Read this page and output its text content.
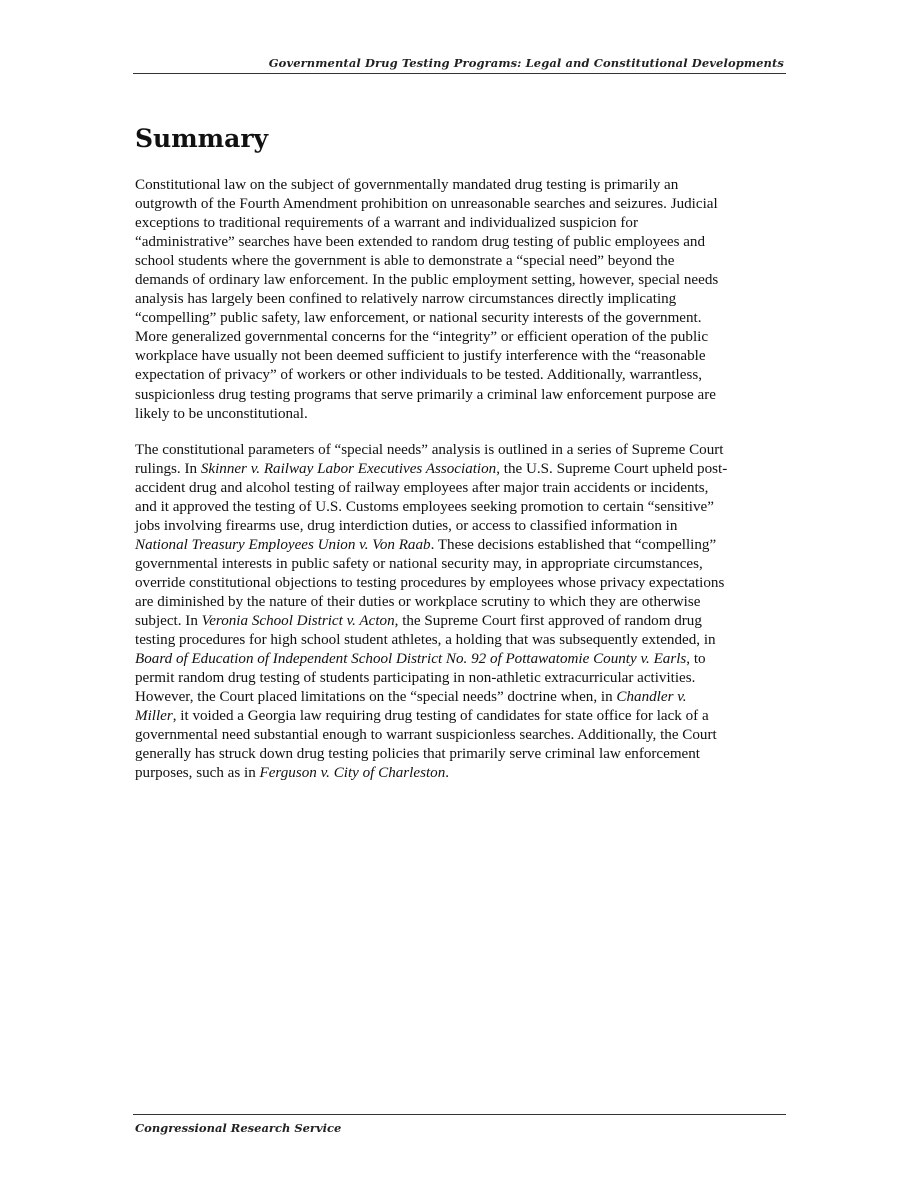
Governmental Drug Testing Programs: Legal and Constitutional Developments
Summary

Constitutional law on the subject of governmentally mandated drug testing is primarily an
outgrowth of the Fourth Amendment prohibition on unreasonable searches and seizures. Judicial
exceptions to traditional requirements of a warrant and individualized suspicion for
“administrative” searches have been extended to random drug testing of public employees and
school students where the government is able to demonstrate a “special need” beyond the
demands of ordinary law enforcement. In the public employment setting, however, special needs
analysis has largely been confined to relatively narrow circumstances directly implicating
“compelling” public safety, law enforcement, or national security interests of the government.
More generalized governmental concerns for the “integrity” or efficient operation of the public
workplace have usually not been deemed sufficient to justify interference with the “reasonable
expectation of privacy” of workers or other individuals to be tested. Additionally, warrantless,
suspicionless drug testing programs that serve primarily a criminal law enforcement purpose are
likely to be unconstitutional.

The constitutional parameters of “special needs” analysis is outlined in a series of Supreme Court
rulings. In Skinner v. Railway Labor Executives Association, the U.S. Supreme Court upheld post-
accident drug and alcohol testing of railway employees after major train accidents or incidents,
and it approved the testing of U.S. Customs employees seeking promotion to certain “sensitive”
jobs involving firearms use, drug interdiction duties, or access to classified information in
National Treasury Employees Union v. Von Raab. These decisions established that “compelling”
governmental interests in public safety or national security may, in appropriate circumstances,
override constitutional objections to testing procedures by employees whose privacy expectations
are diminished by the nature of their duties or workplace scrutiny to which they are otherwise
subject. In Veronia School District v. Acton, the Supreme Court first approved of random drug
testing procedures for high school student athletes, a holding that was subsequently extended, in
Board of Education of Independent School District No. 92 of Pottawatomie County v. Earls, to
permit random drug testing of students participating in non-athletic extracurricular activities.
However, the Court placed limitations on the “special needs” doctrine when, in Chandler v.
Miller, it voided a Georgia law requiring drug testing of candidates for state office for lack of a
governmental need substantial enough to warrant suspicionless searches. Additionally, the Court
generally has struck down drug testing policies that primarily serve criminal law enforcement
purposes, such as in Ferguson v. City of Charleston.

Congressional Research Service
